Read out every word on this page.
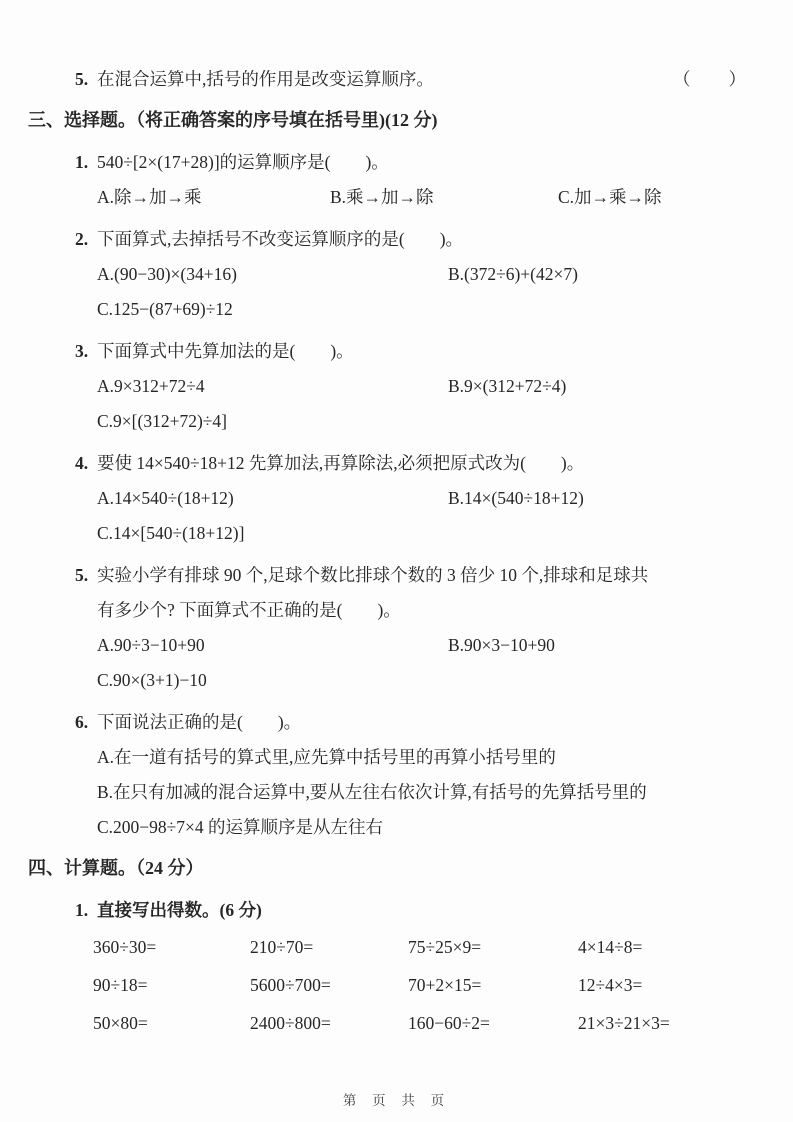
5. 在混合运算中,括号的作用是改变运算顺序。	（　　）
三、选择题。（将正确答案的序号填在括号里)(12 分)
1. 540÷[2×(17+28)]的运算顺序是(　　)。
A.除→加→乘	B.乘→加→除	C.加→乘→除
2. 下面算式,去掉括号不改变运算顺序的是(　　)。
A.(90−30)×(34+16)	B.(372÷6)+(42×7)
C.125−(87+69)÷12
3. 下面算式中先算加法的是(　　)。
A.9×312+72÷4	B.9×(312+72÷4)
C.9×[(312+72)÷4]
4. 要使 14×540÷18+12 先算加法,再算除法,必须把原式改为(　　)。
A.14×540÷(18+12)	B.14×(540÷18+12)
C.14×[540÷(18+12)]
5. 实验小学有排球 90 个,足球个数比排球个数的 3 倍少 10 个,排球和足球共
有多少个? 下面算式不正确的是(　　)。
A.90÷3−10+90	B.90×3−10+90
C.90×(3+1)−10
6. 下面说法正确的是(　　)。
A.在一道有括号的算式里,应先算中括号里的再算小括号里的
B.在只有加减的混合运算中,要从左往右依次计算,有括号的先算括号里的
C.200−98÷7×4 的运算顺序是从左往右
四、计算题。（24 分）
1. 直接写出得数。(6 分)
360÷30=	210÷70=	75÷25×9=	4×14÷8=
90÷18=	5600÷700=	70+2×15=	12÷4×3=
50×80=	2400÷800=	160−60÷2=	21×3÷21×3=
第 页 共 页
